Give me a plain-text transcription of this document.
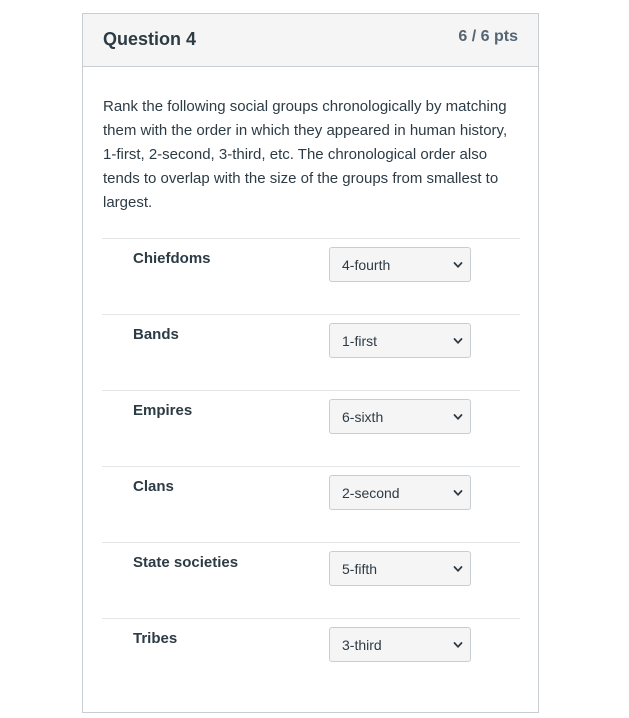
Question 4	6 / 6 pts
Rank the following social groups chronologically by matching them with the order in which they appeared in human history, 1-first, 2-second, 3-third, etc. The chronological order also tends to overlap with the size of the groups from smallest to largest.
Chiefdoms	4-fourth
Bands	1-first
Empires	6-sixth
Clans	2-second
State societies	5-fifth
Tribes	3-third
